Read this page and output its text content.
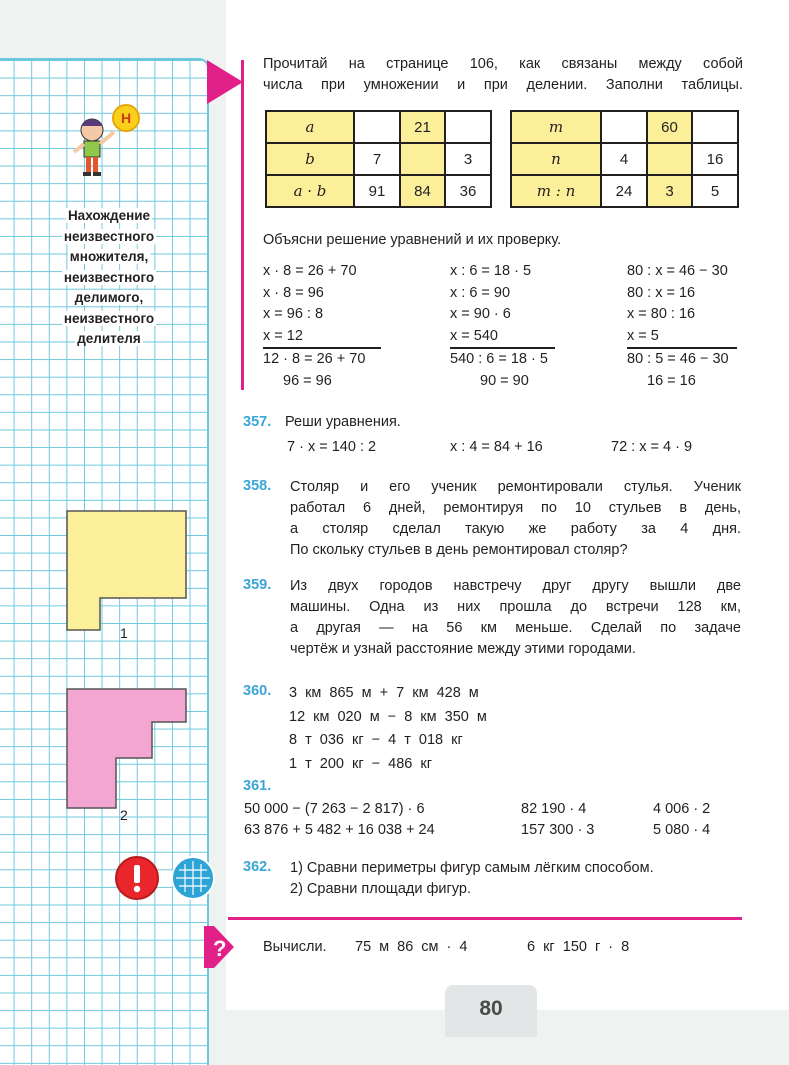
Н
Нахождение
неизвестного
множителя,
неизвестного
делимого,
неизвестного
делителя
1
2
?
Прочитай на странице 106, как связаны между собой
числа при умножении и при делении. Заполни таблицы.
a		21	
b	7		3
a · b	91	84	36
m		60	
n	4		16
m : n	24	3	5
Объясни решение уравнений и их проверку.
x · 8 = 26 + 70
x · 8 = 96
x = 96 : 8
x = 12
12 · 8 = 26 + 70
96 = 96
x : 6 = 18 · 5
x : 6 = 90
x = 90 · 6
x = 540
540 : 6 = 18 · 5
90 = 90
80 : x = 46 − 30
80 : x = 16
x = 80 : 16
x = 5
80 : 5 = 46 − 30
16 = 16
357. Реши уравнения.
7 · x = 140 : 2	x : 4 = 84 + 16	72 : x = 4 · 9
358. Столяр и его ученик ремонтировали стулья. Ученик
работал 6 дней, ремонтируя по 10 стульев в день,
а столяр сделал такую же работу за 4 дня.
По скольку стульев в день ремонтировал столяр?
359. Из двух городов навстречу друг другу вышли две
машины. Одна из них прошла до встречи 128 км,
а другая — на 56 км меньше. Сделай по задаче
чертёж и узнай расстояние между этими городами.
360. 3 км 865 м + 7 км 428 м
12 км 020 м − 8 км 350 м
8 т 036 кг − 4 т 018 кг
1 т 200 кг − 486 кг
361.
50 000 − (7 263 − 2 817) · 6	82 190 · 4	4 006 · 2
63 876 + 5 482 + 16 038 + 24	157 300 · 3	5 080 · 4
362. 1) Сравни периметры фигур самым лёгким способом.
2) Сравни площади фигур.
Вычисли. 75 м 86 см · 4	6 кг 150 г · 8
80
